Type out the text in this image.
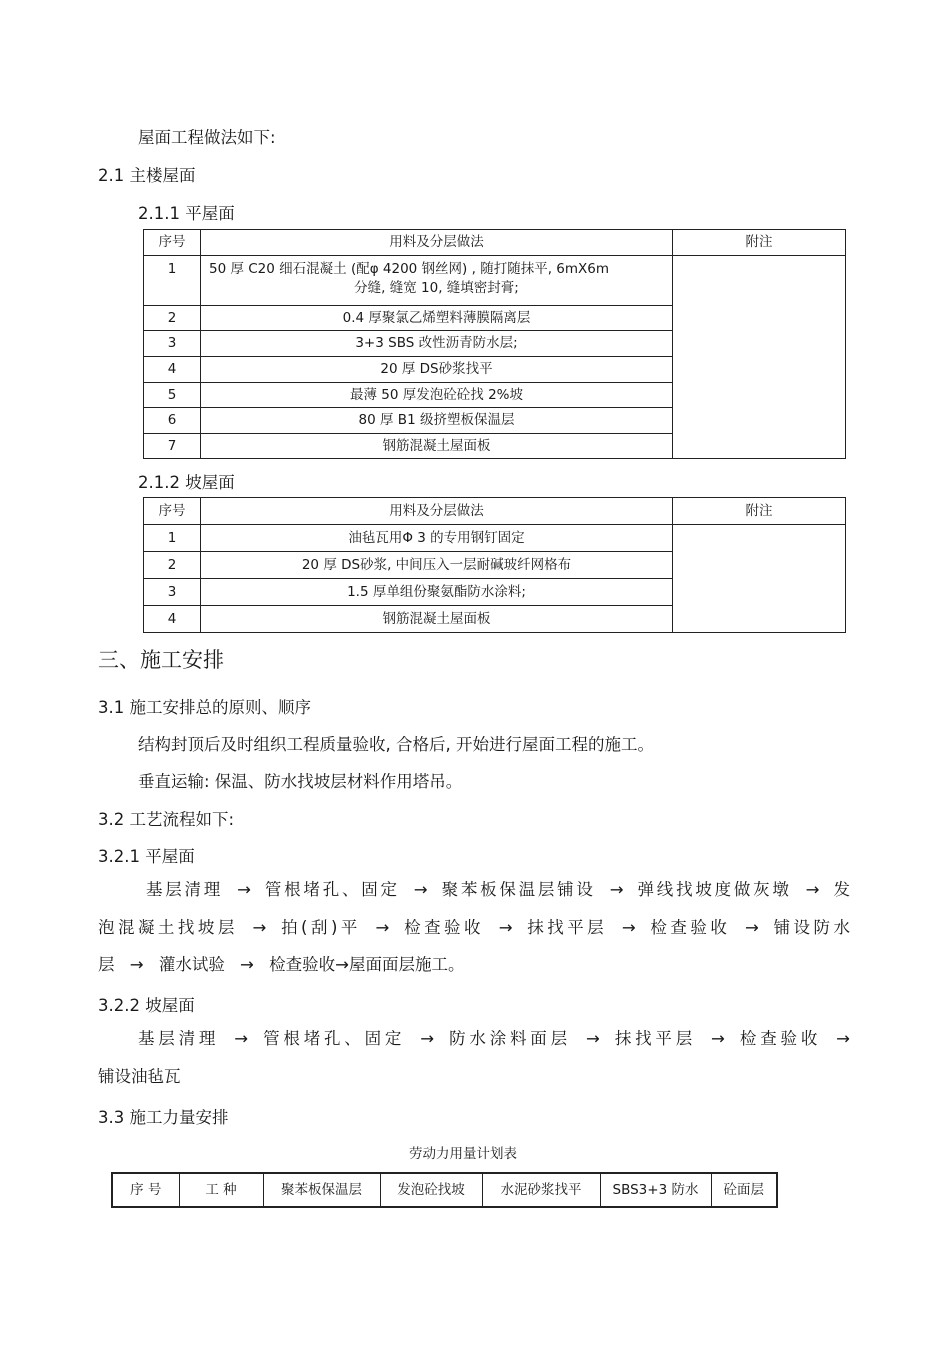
屋面工程做法如下:
2.1 主楼屋面
2.1.1 平屋面
序号	用料及分层做法	附注
1	50 厚 C20 细石混凝土 (配φ 4200 钢丝网) , 随打随抹平, 6mX6m
分缝, 缝宽 10, 缝填密封膏;	

2	0.4 厚聚氯乙烯塑料薄膜隔离层	
3	3+3 SBS 改性沥青防水层;	
4	20 厚 DS砂浆找平	
5	最薄 50 厚发泡砼砼找 2%坡	
6	80 厚 B1 级挤塑板保温层	
7	钢筋混凝土屋面板	
2.1.2 坡屋面
序号	用料及分层做法	附注
1	油毡瓦用Φ 3 的专用钢钉固定	
2	20 厚 DS砂浆, 中间压入一层耐碱玻纤网格布	
3	1.5 厚单组份聚氨酯防水涂料;	
4	钢筋混凝土屋面板	
三、施工安排
3.1 施工安排总的原则、顺序
结构封顶后及时组织工程质量验收, 合格后, 开始进行屋面工程的施工。
垂直运输: 保温、防水找坡层材料作用塔吊。
3.2 工艺流程如下:
3.2.1 平屋面
基层清理 → 管根堵孔、固定 → 聚苯板保温层铺设 → 弹线找坡度做灰墩 → 发
泡混凝土找坡层 → 拍(刮)平 → 检查验收 → 抹找平层 → 检查验收 → 铺设防水
层 → 灌水试验 → 检查验收→屋面面层施工。
3.2.2 坡屋面
基层清理 → 管根堵孔、固定 → 防水涂料面层 → 抹找平层 → 检查验收 →
铺设油毡瓦
3.3 施工力量安排
劳动力用量计划表
序 号	工 种	聚苯板保温层	发泡砼找坡	水泥砂浆找平	SBS3+3 防水	砼面层
